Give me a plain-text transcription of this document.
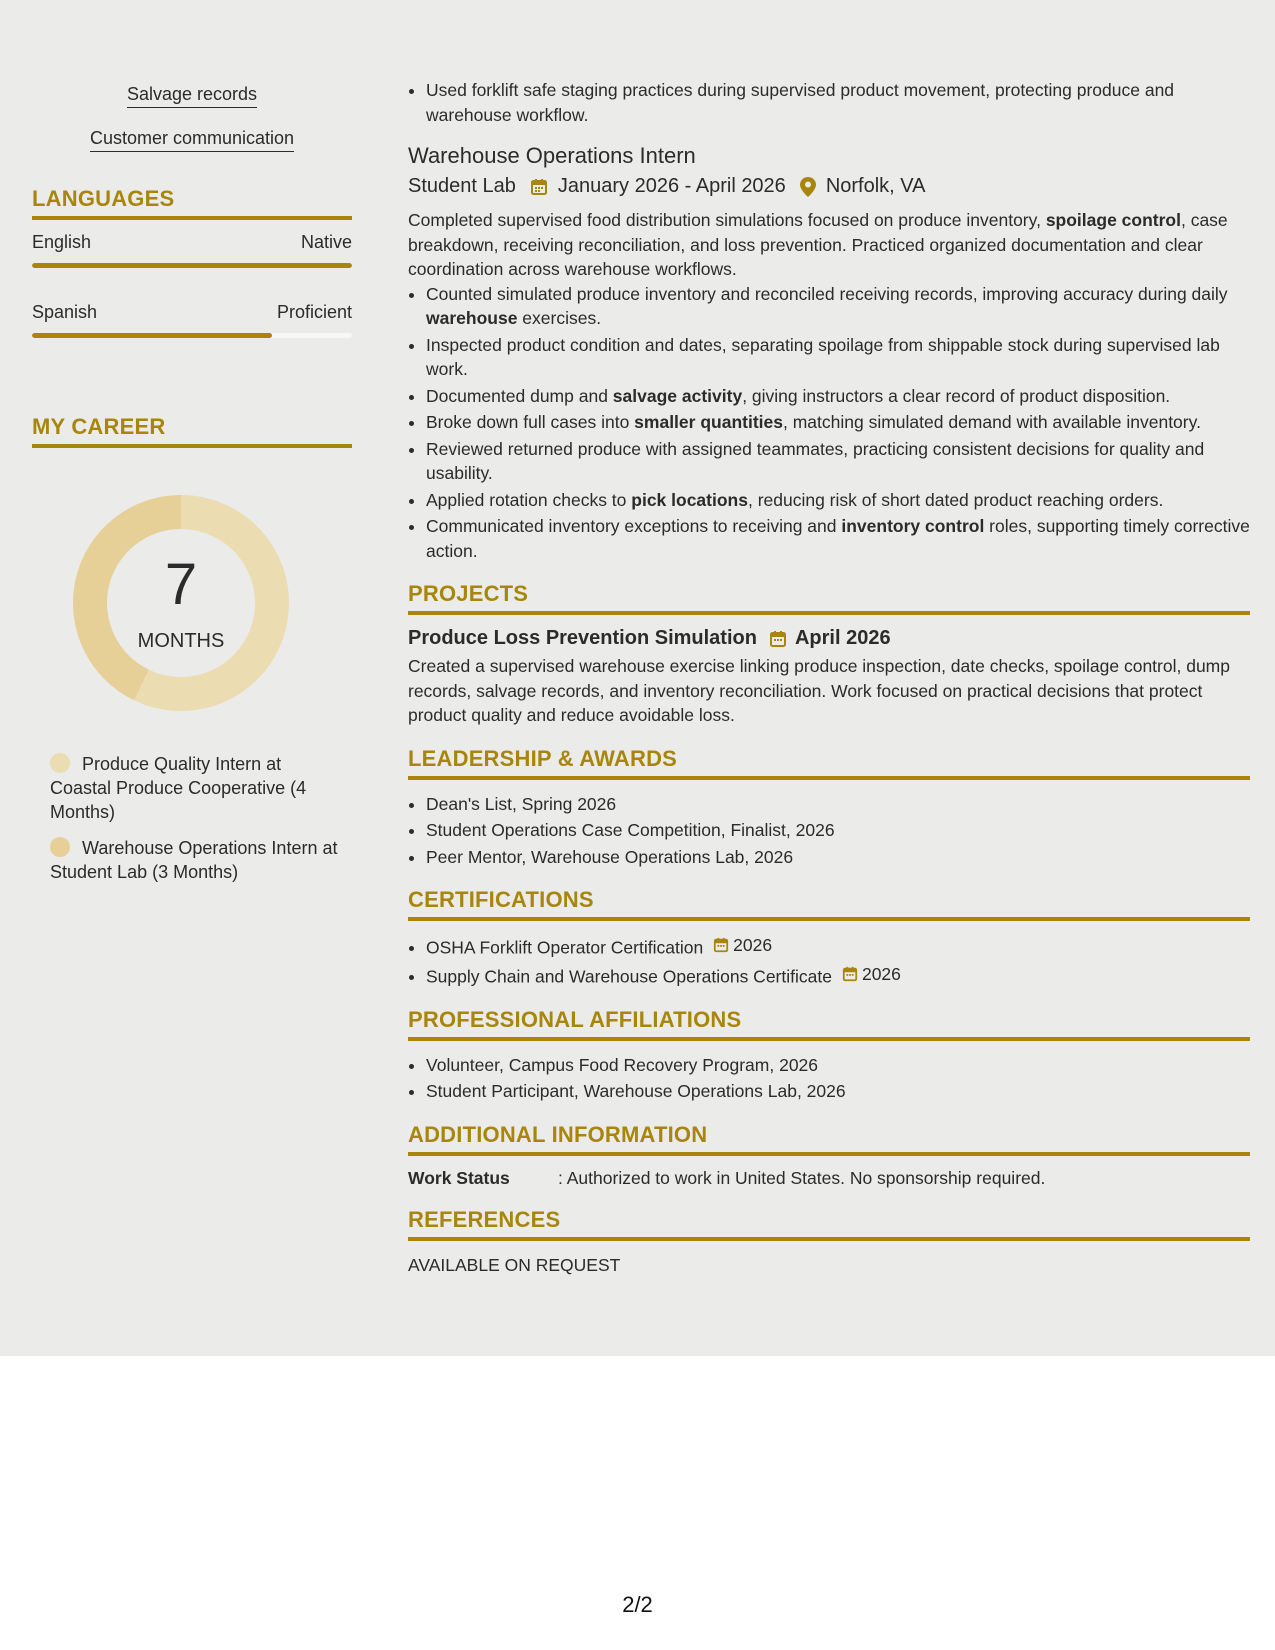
Salvage records
Customer communication
LANGUAGES
English	Native
Spanish	Proficient
MY CAREER
7
MONTHS
Produce Quality Intern at Coastal Produce Cooperative (4 Months)
Warehouse Operations Intern at Student Lab (3 Months)
• Used forklift safe staging practices during supervised product movement, protecting produce and warehouse workflow.
Warehouse Operations Intern
Student Lab January 2026 - April 2026 Norfolk, VA
Completed supervised food distribution simulations focused on produce inventory, spoilage control, case breakdown, receiving reconciliation, and loss prevention. Practiced organized documentation and clear coordination across warehouse workflows.
• Counted simulated produce inventory and reconciled receiving records, improving accuracy during daily warehouse exercises.
• Inspected product condition and dates, separating spoilage from shippable stock during supervised lab work.
• Documented dump and salvage activity, giving instructors a clear record of product disposition.
• Broke down full cases into smaller quantities, matching simulated demand with available inventory.
• Reviewed returned produce with assigned teammates, practicing consistent decisions for quality and usability.
• Applied rotation checks to pick locations, reducing risk of short dated product reaching orders.
• Communicated inventory exceptions to receiving and inventory control roles, supporting timely corrective action.
PROJECTS
Produce Loss Prevention Simulation April 2026
Created a supervised warehouse exercise linking produce inspection, date checks, spoilage control, dump records, salvage records, and inventory reconciliation. Work focused on practical decisions that protect product quality and reduce avoidable loss.
LEADERSHIP & AWARDS
• Dean's List, Spring 2026
• Student Operations Case Competition, Finalist, 2026
• Peer Mentor, Warehouse Operations Lab, 2026
CERTIFICATIONS
• OSHA Forklift Operator Certification 2026
• Supply Chain and Warehouse Operations Certificate 2026
PROFESSIONAL AFFILIATIONS
• Volunteer, Campus Food Recovery Program, 2026
• Student Participant, Warehouse Operations Lab, 2026
ADDITIONAL INFORMATION
Work Status	: Authorized to work in United States. No sponsorship required.
REFERENCES
AVAILABLE ON REQUEST
2/2
